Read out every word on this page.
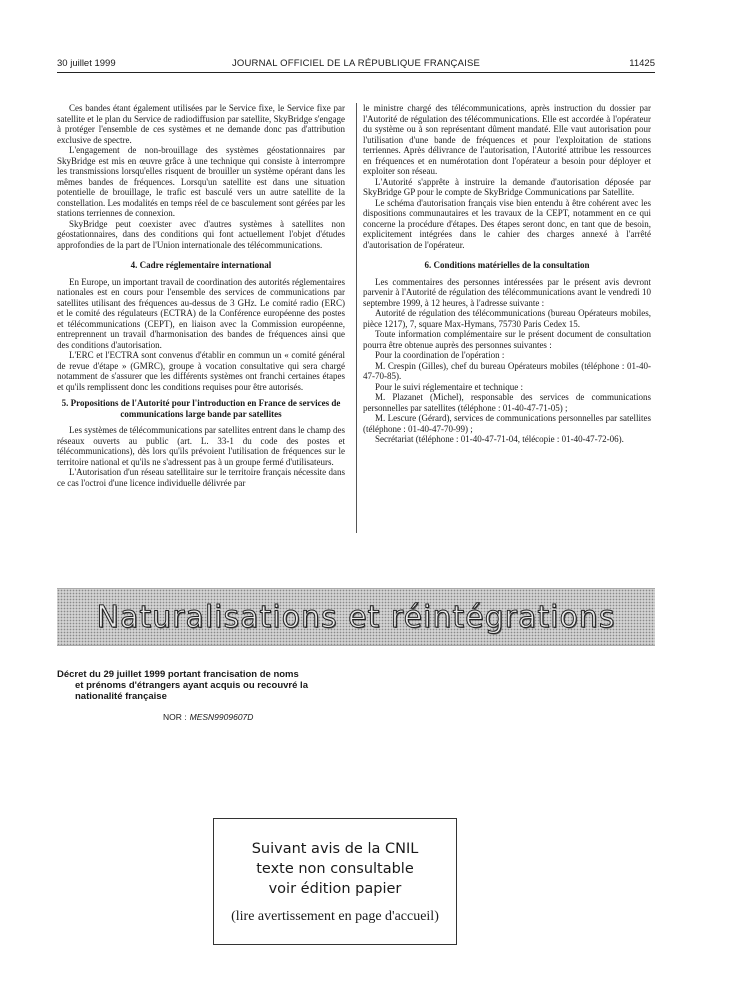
30 juillet 1999	JOURNAL OFFICIEL DE LA RÉPUBLIQUE FRANÇAISE	11425

Ces bandes étant également utilisées par le Service fixe, le Service fixe par satellite et le plan du Service de radiodiffusion par satellite, SkyBridge s'engage à protéger l'ensemble de ces systèmes et ne demande donc pas d'attribution exclusive de spectre.

L'engagement de non-brouillage des systèmes géostationnaires par SkyBridge est mis en œuvre grâce à une technique qui consiste à interrompre les transmissions lorsqu'elles risquent de brouiller un système opérant dans les mêmes bandes de fréquences. Lorsqu'un satellite est dans une situation potentielle de brouillage, le trafic est basculé vers un autre satellite de la constellation. Les modalités en temps réel de ce basculement sont gérées par les stations terriennes de connexion.

SkyBridge peut coexister avec d'autres systèmes à satellites non géostationnaires, dans des conditions qui font actuellement l'objet d'études approfondies de la part de l'Union internationale des télécommunications.

4. Cadre réglementaire international

En Europe, un important travail de coordination des autorités réglementaires nationales est en cours pour l'ensemble des services de communications par satellites utilisant des fréquences au-dessus de 3 GHz. Le comité radio (ERC) et le comité des régulateurs (ECTRA) de la Conférence européenne des postes et télécommunications (CEPT), en liaison avec la Commission européenne, entreprennent un travail d'harmonisation des bandes de fréquences ainsi que des conditions d'autorisation.

L'ERC et l'ECTRA sont convenus d'établir en commun un « comité général de revue d'étape » (GMRC), groupe à vocation consultative qui sera chargé notamment de s'assurer que les différents systèmes ont franchi certaines étapes et qu'ils remplissent donc les conditions requises pour être autorisés.

5. Propositions de l'Autorité pour l'introduction en France de services de communications large bande par satellites

Les systèmes de télécommunications par satellites entrent dans le champ des réseaux ouverts au public (art. L. 33-1 du code des postes et télécommunications), dès lors qu'ils prévoient l'utilisation de fréquences sur le territoire national et qu'ils ne s'adressent pas à un groupe fermé d'utilisateurs.

L'Autorisation d'un réseau satellitaire sur le territoire français nécessite dans ce cas l'octroi d'une licence individuelle délivrée par

le ministre chargé des télécommunications, après instruction du dossier par l'Autorité de régulation des télécommunications. Elle est accordée à l'opérateur du système ou à son représentant dûment mandaté. Elle vaut autorisation pour l'utilisation d'une bande de fréquences et pour l'exploitation de stations terriennes. Après délivrance de l'autorisation, l'Autorité attribue les ressources en fréquences et en numérotation dont l'opérateur a besoin pour déployer et exploiter son réseau.

L'Autorité s'apprête à instruire la demande d'autorisation déposée par SkyBridge GP pour le compte de SkyBridge Communications par Satellite.

Le schéma d'autorisation français vise bien entendu à être cohérent avec les dispositions communautaires et les travaux de la CEPT, notamment en ce qui concerne la procédure d'étapes. Des étapes seront donc, en tant que de besoin, explicitement intégrées dans le cahier des charges annexé à l'arrêté d'autorisation de l'opérateur.

6. Conditions matérielles de la consultation

Les commentaires des personnes intéressées par le présent avis devront parvenir à l'Autorité de régulation des télécommunications avant le vendredi 10 septembre 1999, à 12 heures, à l'adresse suivante :

Autorité de régulation des télécommunications (bureau Opérateurs mobiles, pièce 1217), 7, square Max-Hymans, 75730 Paris Cedex 15.

Toute information complémentaire sur le présent document de consultation pourra être obtenue auprès des personnes suivantes :

Pour la coordination de l'opération :

M. Crespin (Gilles), chef du bureau Opérateurs mobiles (téléphone : 01-40-47-70-85).

Pour le suivi réglementaire et technique :

M. Plazanet (Michel), responsable des services de communications personnelles par satellites (téléphone : 01-40-47-71-05) ;

M. Lescure (Gérard), services de communications personnelles par satellites (téléphone : 01-40-47-70-99) ;

Secrétariat (téléphone : 01-40-47-71-04, télécopie : 01-40-47-72-06).

Naturalisations et réintégrations
Décret du 29 juillet 1999 portant francisation de noms
et prénoms d'étrangers ayant acquis ou recouvré la
nationalité française
NOR : MESN9909607D
Suivant avis de la CNIL
texte non consultable
voir édition papier
(lire avertissement en page d'accueil)
